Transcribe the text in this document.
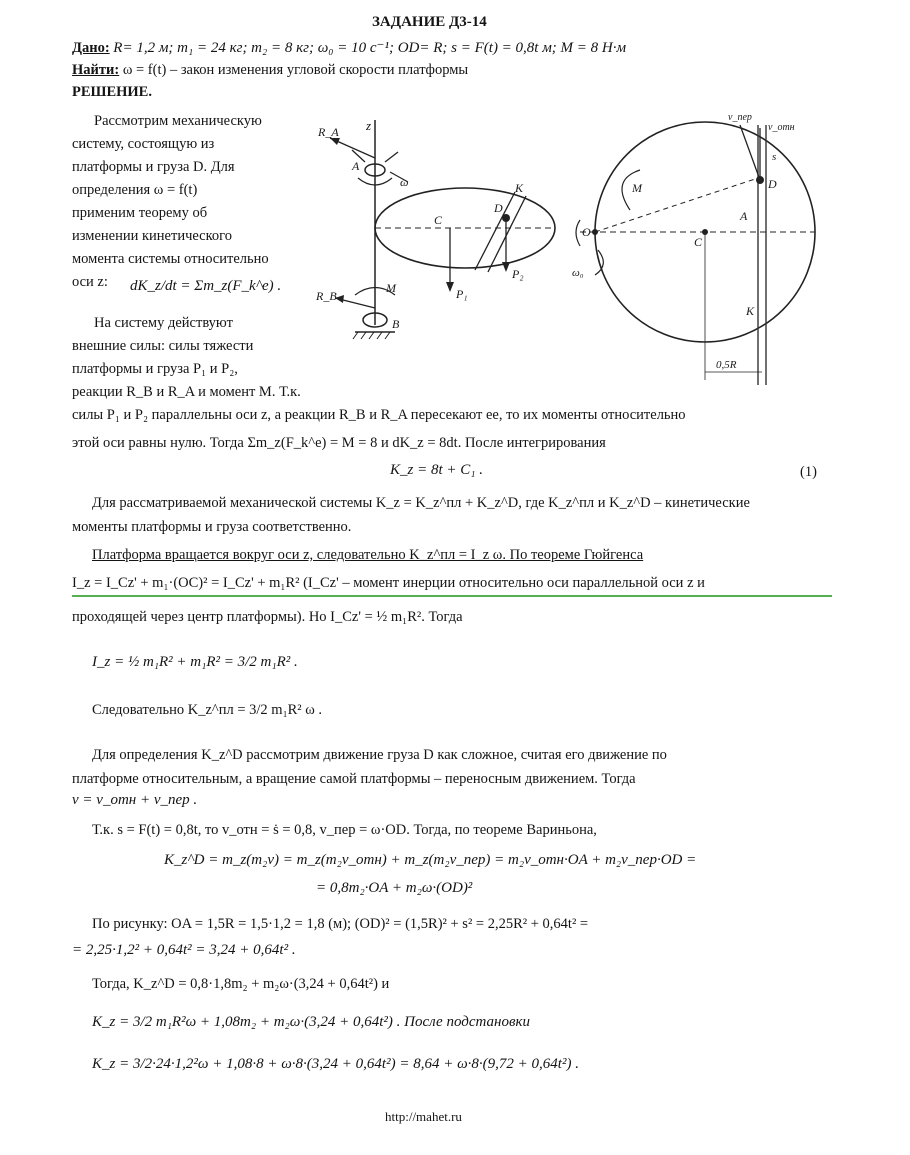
ЗАДАНИЕ Д3-14
Дано: R= 1,2 м; m₁ = 24 кг; m₂ = 8 кг; ω₀ = 10 с⁻¹; OD= R; s = F(t) = 0,8t м; M = 8 Н·м
Найти: ω = f(t) – закон изменения угловой скорости платформы
РЕШЕНИЕ.
Рассмотрим механическую
систему, состоящую из
платформы и груза D. Для
определения ω = f(t)
применим теорему об
изменении кинетического
момента системы относительно
оси z:	dK_z/dt = Σm_z(F_k^e) .
На систему действуют
внешние силы: силы тяжести
платформы и груза P₁ и P₂,
реакции R_B и R_A и момент M. Т.к.
z
R_A
A
ω
C
D
K
P₁
P₂
M
R_B
B
v_пер
v_отн
s
D
M
O
C
A
ω₀
K
0,5R
силы P₁ и P₂ параллельны оси z, а реакции R_B и R_A пересекают ее, то их моменты относительно
этой оси равны нулю. Тогда Σm_z(F_k^e) = M = 8 и dK_z = 8dt. После интегрирования
K_z = 8t + C₁ .	(1)
Для рассматриваемой механической системы K_z = K_z^пл + K_z^D, где K_z^пл и K_z^D – кинетические
моменты платформы и груза соответственно.
Платформа вращается вокруг оси z, следовательно K_z^пл = I_z ω. По теореме Гюйгенса
I_z = I_Cz' + m₁·(OC)² = I_Cz' + m₁R² (I_Cz' – момент инерции относительно оси параллельной оси z и
проходящей через центр платформы). Но I_Cz' = ½ m₁R². Тогда
I_z = ½ m₁R² + m₁R² = 3/2 m₁R² .
Следовательно K_z^пл = 3/2 m₁R² ω .
Для определения K_z^D рассмотрим движение груза D как сложное, считая его движение по
платформе относительным, а вращение самой платформы – переносным движением. Тогда
v = v_отн + v_пер .
Т.к. s = F(t) = 0,8t, то v_отн = ṡ = 0,8, v_пер = ω·OD. Тогда, по теореме Вариньона,
K_z^D = m_z(m₂v) = m_z(m₂v_отн) + m_z(m₂v_пер) = m₂v_отн·OA + m₂v_пер·OD =
= 0,8m₂·OA + m₂ω·(OD)²
По рисунку: OA = 1,5R = 1,5·1,2 = 1,8 (м); (OD)² = (1,5R)² + s² = 2,25R² + 0,64t² =
= 2,25·1,2² + 0,64t² = 3,24 + 0,64t² .
Тогда, K_z^D = 0,8·1,8m₂ + m₂ω·(3,24 + 0,64t²) и
K_z = 3/2 m₁R²ω + 1,08m₂ + m₂ω·(3,24 + 0,64t²) . После подстановки
K_z = 3/2·24·1,2²ω + 1,08·8 + ω·8·(3,24 + 0,64t²) = 8,64 + ω·8·(9,72 + 0,64t²) .
http://mahet.ru
